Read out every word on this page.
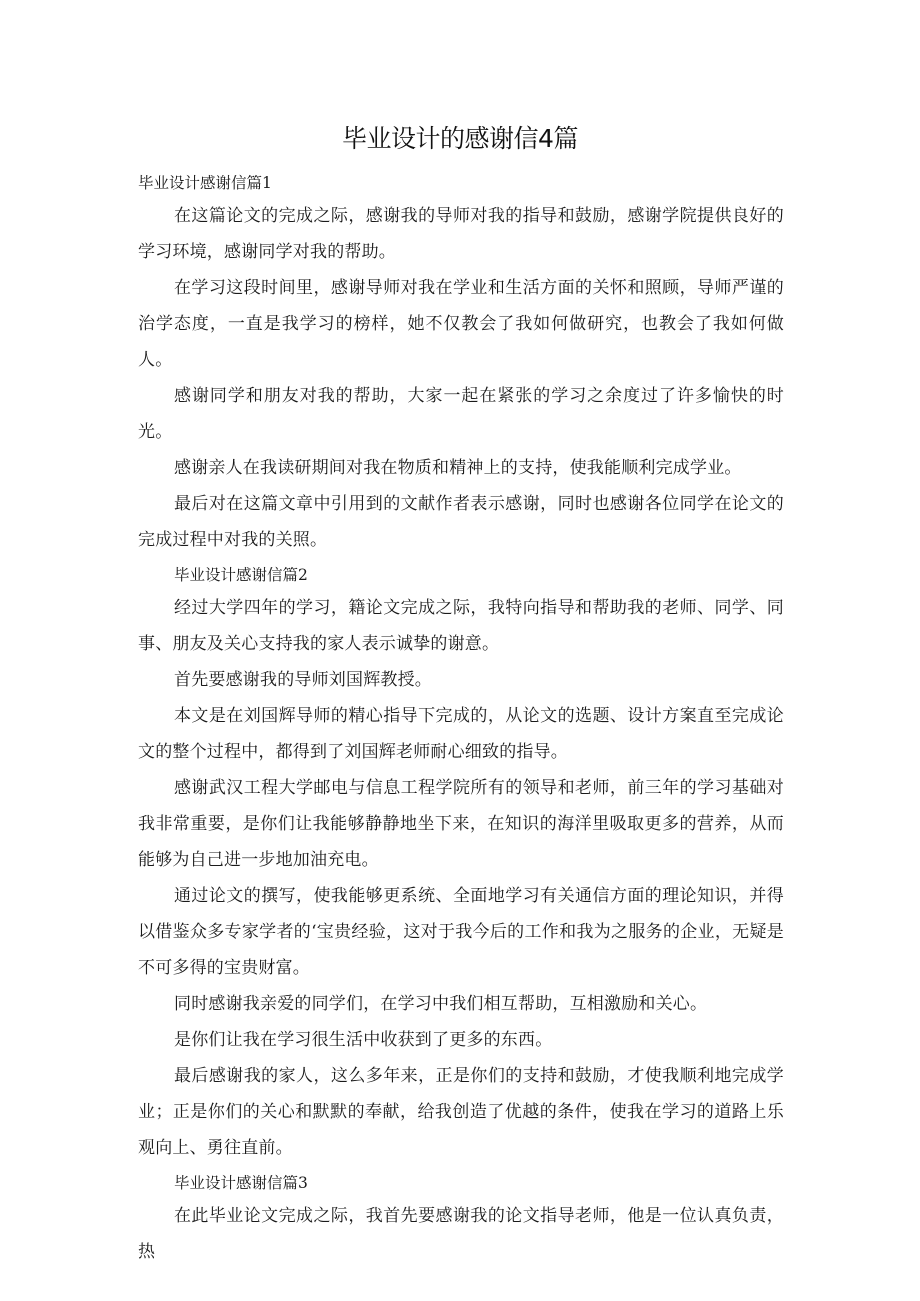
毕业设计的感谢信4篇
毕业设计感谢信篇1

在这篇论文的完成之际，感谢我的导师对我的指导和鼓励，感谢学院提供良好的学习环境，感谢同学对我的帮助。

在学习这段时间里，感谢导师对我在学业和生活方面的关怀和照顾，导师严谨的治学态度，一直是我学习的榜样，她不仅教会了我如何做研究，也教会了我如何做人。

感谢同学和朋友对我的帮助，大家一起在紧张的学习之余度过了许多愉快的时光。

感谢亲人在我读研期间对我在物质和精神上的支持，使我能顺利完成学业。

最后对在这篇文章中引用到的文献作者表示感谢，同时也感谢各位同学在论文的完成过程中对我的关照。

毕业设计感谢信篇2

经过大学四年的学习，籍论文完成之际，我特向指导和帮助我的老师、同学、同事、朋友及关心支持我的家人表示诚挚的谢意。

首先要感谢我的导师刘国辉教授。

本文是在刘国辉导师的精心指导下完成的，从论文的选题、设计方案直至完成论文的整个过程中，都得到了刘国辉老师耐心细致的指导。

感谢武汉工程大学邮电与信息工程学院所有的领导和老师，前三年的学习基础对我非常重要，是你们让我能够静静地坐下来，在知识的海洋里吸取更多的营养，从而能够为自己进一步地加油充电。

通过论文的撰写，使我能够更系统、全面地学习有关通信方面的理论知识，并得以借鉴众多专家学者的‘宝贵经验，这对于我今后的工作和我为之服务的企业，无疑是不可多得的宝贵财富。

同时感谢我亲爱的同学们，在学习中我们相互帮助，互相激励和关心。

是你们让我在学习很生活中收获到了更多的东西。

最后感谢我的家人，这么多年来，正是你们的支持和鼓励，才使我顺利地完成学业；正是你们的关心和默默的奉献，给我创造了优越的条件，使我在学习的道路上乐观向上、勇往直前。

毕业设计感谢信篇3

在此毕业论文完成之际，我首先要感谢我的论文指导老师，他是一位认真负责，热
